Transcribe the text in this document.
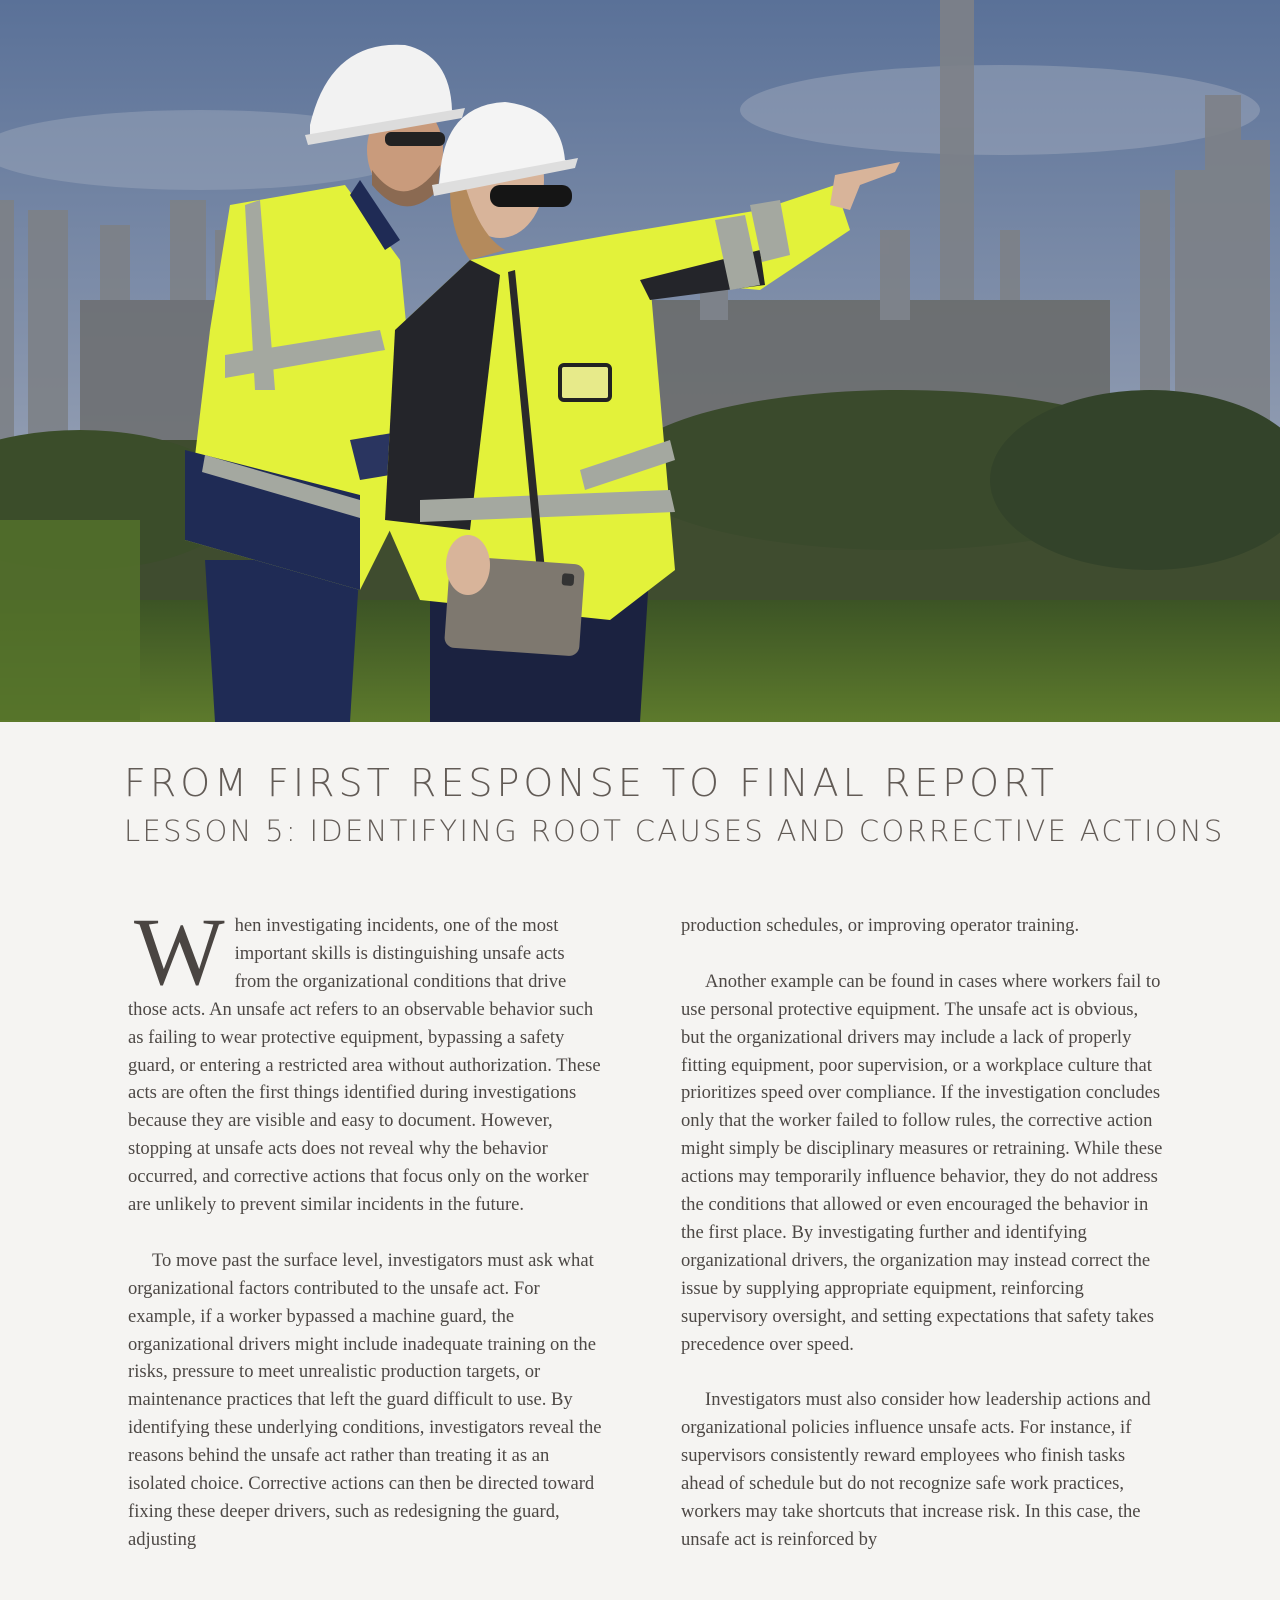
FROM FIRST RESPONSE TO FINAL REPORT
LESSON 5: IDENTIFYING ROOT CAUSES AND CORRECTIVE ACTIONS

When investigating incidents, one of the most important skills is distinguishing unsafe acts from the organizational conditions that drive those acts. An unsafe act refers to an observable behavior such as failing to wear protective equipment, bypassing a safety guard, or entering a restricted area without authorization. These acts are often the first things identified during investigations because they are visible and easy to document. However, stopping at unsafe acts does not reveal why the behavior occurred, and corrective actions that focus only on the worker are unlikely to prevent similar incidents in the future.

To move past the surface level, investigators must ask what organizational factors contributed to the unsafe act. For example, if a worker bypassed a machine guard, the organizational drivers might include inadequate training on the risks, pressure to meet unrealistic production targets, or maintenance practices that left the guard difficult to use. By identifying these underlying conditions, investigators reveal the reasons behind the unsafe act rather than treating it as an isolated choice. Corrective actions can then be directed toward fixing these deeper drivers, such as redesigning the guard, adjusting

production schedules, or improving operator training.

Another example can be found in cases where workers fail to use personal protective equipment. The unsafe act is obvious, but the organizational drivers may include a lack of properly fitting equipment, poor supervision, or a workplace culture that prioritizes speed over compliance. If the investigation concludes only that the worker failed to follow rules, the corrective action might simply be disciplinary measures or retraining. While these actions may temporarily influence behavior, they do not address the conditions that allowed or even encouraged the behavior in the first place. By investigating further and identifying organizational drivers, the organization may instead correct the issue by supplying appropriate equipment, reinforcing supervisory oversight, and setting expectations that safety takes precedence over speed.

Investigators must also consider how leadership actions and organizational policies influence unsafe acts. For instance, if supervisors consistently reward employees who finish tasks ahead of schedule but do not recognize safe work practices, workers may take shortcuts that increase risk. In this case, the unsafe act is reinforced by
